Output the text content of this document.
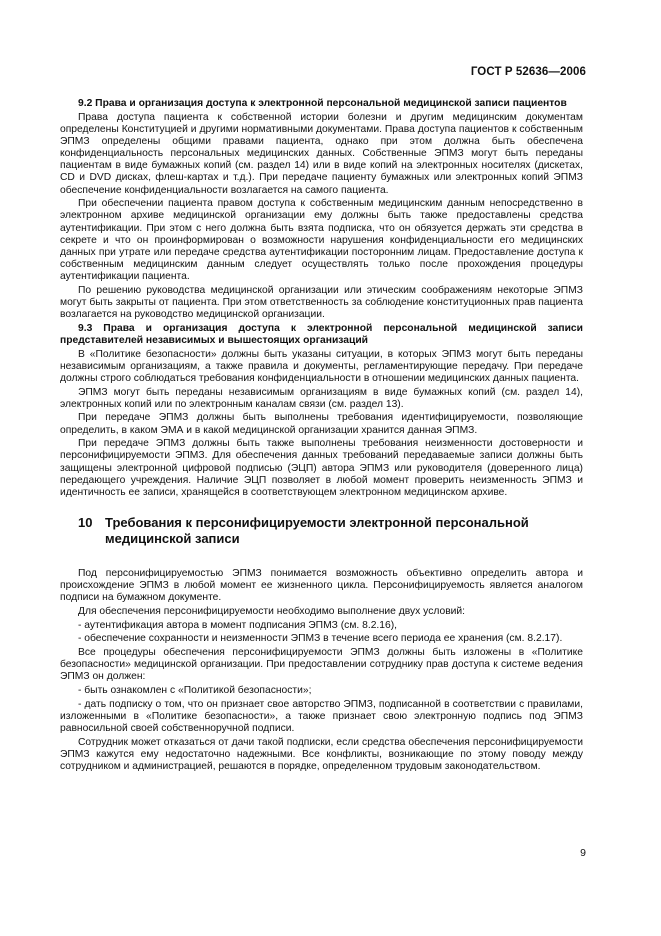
ГОСТ Р 52636—2006

9.2 Права и организация доступа к электронной персональной медицинской записи пациентов

Права доступа пациента к собственной истории болезни и другим медицинским документам определены Конституцией и другими нормативными документами. Права доступа пациентов к собственным ЭПМЗ определены общими правами пациента, однако при этом должна быть обеспечена конфиденциальность персональных медицинских данных. Собственные ЭПМЗ могут быть переданы пациентам в виде бумажных копий (см. раздел 14) или в виде копий на электронных носителях (дискетах, CD и DVD дисках, флеш-картах и т.д.). При передаче пациенту бумажных или электронных копий ЭПМЗ обеспечение конфиденциальности возлагается на самого пациента.

При обеспечении пациента правом доступа к собственным медицинским данным непосредственно в электронном архиве медицинской организации ему должны быть также предоставлены средства аутентификации. При этом с него должна быть взята подписка, что он обязуется держать эти средства в секрете и что он проинформирован о возможности нарушения конфиденциальности его медицинских данных при утрате или передаче средства аутентификации посторонним лицам. Предоставление доступа к собственным медицинским данным следует осуществлять только после прохождения процедуры аутентификации пациента.

По решению руководства медицинской организации или этическим соображениям некоторые ЭПМЗ могут быть закрыты от пациента. При этом ответственность за соблюдение конституционных прав пациента возлагается на руководство медицинской организации.

9.3 Права и организация доступа к электронной персональной медицинской записи представителей независимых и вышестоящих организаций

В «Политике безопасности» должны быть указаны ситуации, в которых ЭПМЗ могут быть переданы независимым организациям, а также правила и документы, регламентирующие передачу. При передаче должны строго соблюдаться требования конфиденциальности в отношении медицинских данных пациента.

ЭПМЗ могут быть переданы независимым организациям в виде бумажных копий (см. раздел 14), электронных копий или по электронным каналам связи (см. раздел 13).

При передаче ЭПМЗ должны быть выполнены требования идентифицируемости, позволяющие определить, в каком ЭМА и в какой медицинской организации хранится данная ЭПМЗ.

При передаче ЭПМЗ должны быть также выполнены требования неизменности достоверности и персонифицируемости ЭПМЗ. Для обеспечения данных требований передаваемые записи должны быть защищены электронной цифровой подписью (ЭЦП) автора ЭПМЗ или руководителя (доверенного лица) передающего учреждения. Наличие ЭЦП позволяет в любой момент проверить неизменность ЭПМЗ и идентичность ее записи, хранящейся в соответствующем электронном медицинском архиве.

10 Требования к персонифицируемости электронной персональной
медицинской записи

Под персонифицируемостью ЭПМЗ понимается возможность объективно определить автора и происхождение ЭПМЗ в любой момент ее жизненного цикла. Персонифицируемость является аналогом подписи на бумажном документе.

Для обеспечения персонифицируемости необходимо выполнение двух условий:

- аутентификация автора в момент подписания ЭПМЗ (см. 8.2.16),

- обеспечение сохранности и неизменности ЭПМЗ в течение всего периода ее хранения (см. 8.2.17).

Все процедуры обеспечения персонифицируемости ЭПМЗ должны быть изложены в «Политике безопасности» медицинской организации. При предоставлении сотруднику прав доступа к системе ведения ЭПМЗ он должен:

- быть ознакомлен с «Политикой безопасности»;

- дать подписку о том, что он признает свое авторство ЭПМЗ, подписанной в соответствии с правилами, изложенными в «Политике безопасности», а также признает свою электронную подпись под ЭПМЗ равносильной своей собственноручной подписи.

Сотрудник может отказаться от дачи такой подписки, если средства обеспечения персонифицируемости ЭПМЗ кажутся ему недостаточно надежными. Все конфликты, возникающие по этому поводу между сотрудником и администрацией, решаются в порядке, определенном трудовым законодательством.

9
